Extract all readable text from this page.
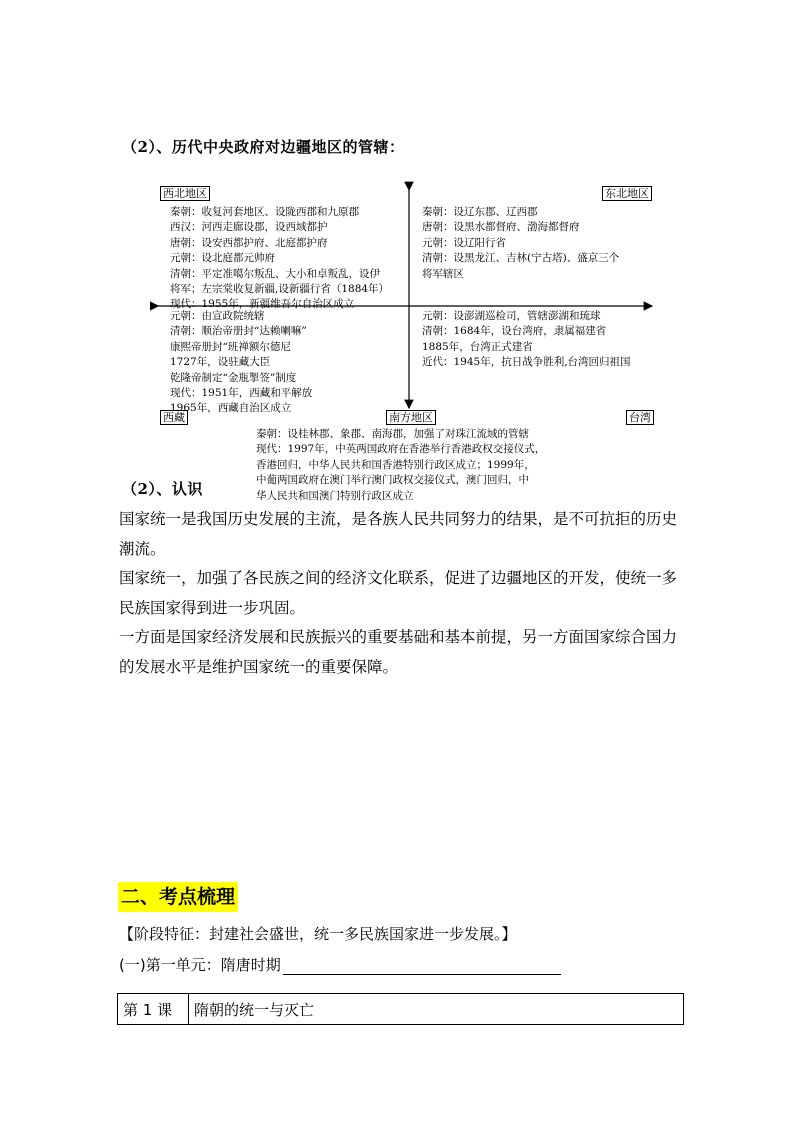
（2）、历代中央政府对边疆地区的管辖：
西北地区	东北地区
西藏	南方地区	台湾
秦朝：收复河套地区、设陇西郡和九原郡
西汉：河西走廊设郡，设西域都护
唐朝：设安西都护府、北庭都护府
元朝：设北庭都元帅府
清朝：平定准噶尔叛乱、大小和卓叛乱，设伊
将军；左宗棠收复新疆,设新疆行省（1884年）
现代：1955年，新疆维吾尔自治区成立
秦朝：设辽东郡、辽西郡
唐朝：设黑水都督府、渤海都督府
元朝：设辽阳行省
清朝：设黑龙江、吉林(宁古塔)、盛京三个
将军辖区
元朝：由宣政院统辖
清朝：顺治帝册封“达赖喇嘛”
康熙帝册封“班禅额尔德尼
1727年，设驻藏大臣
乾隆帝制定“金瓶掣签”制度
现代：1951年，西藏和平解放
1965年，西藏自治区成立
元朝：设澎湖巡检司，管辖澎湖和琉球
清朝：1684年，设台湾府，隶属福建省
1885年，台湾正式建省
近代：1945年，抗日战争胜利,台湾回归祖国
秦朝：设桂林郡、象郡、南海郡，加强了对珠江流域的管辖
现代：1997年，中英两国政府在香港举行香港政权交接仪式，
香港回归，中华人民共和国香港特别行政区成立；1999年，
中葡两国政府在澳门举行澳门政权交接仪式，澳门回归，中
华人民共和国澳门特别行政区成立
（2）、认识

国家统一是我国历史发展的主流，是各族人民共同努力的结果，是不可抗拒的历史潮流。

国家统一，加强了各民族之间的经济文化联系，促进了边疆地区的开发，使统一多民族国家得到进一步巩固。

一方面是国家经济发展和民族振兴的重要基础和基本前提，另一方面国家综合国力的发展水平是维护国家统一的重要保障。

二、考点梳理
【阶段特征：封建社会盛世，统一多民族国家进一步发展。】
(一)第一单元：隋唐时期
第 1 课	隋朝的统一与灭亡
